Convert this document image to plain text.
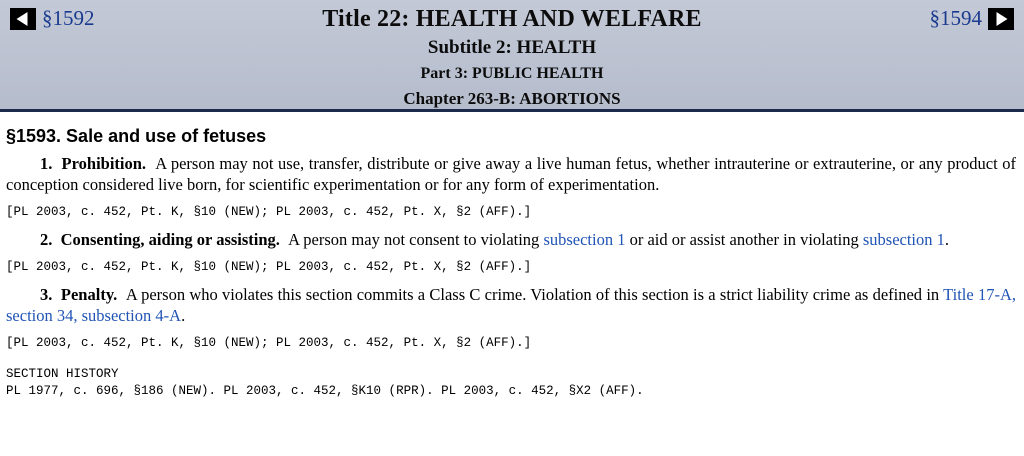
§1592	§1594
Title 22: HEALTH AND WELFARE
Subtitle 2: HEALTH
Part 3: PUBLIC HEALTH
Chapter 263-B: ABORTIONS
§1593. Sale and use of fetuses

1. Prohibition. A person may not use, transfer, distribute or give away a live human fetus, whether intrauterine or extrauterine, or any product of conception considered live born, for scientific experimentation or for any form of experimentation.

[PL 2003, c. 452, Pt. K, §10 (NEW); PL 2003, c. 452, Pt. X, §2 (AFF).]

2. Consenting, aiding or assisting. A person may not consent to violating subsection 1 or aid or assist another in violating subsection 1.

[PL 2003, c. 452, Pt. K, §10 (NEW); PL 2003, c. 452, Pt. X, §2 (AFF).]

3. Penalty. A person who violates this section commits a Class C crime. Violation of this section is a strict liability crime as defined in Title 17-A, section 34, subsection 4-A.

[PL 2003, c. 452, Pt. K, §10 (NEW); PL 2003, c. 452, Pt. X, §2 (AFF).]
SECTION HISTORY
PL 1977, c. 696, §186 (NEW). PL 2003, c. 452, §K10 (RPR). PL 2003, c. 452, §X2 (AFF).
